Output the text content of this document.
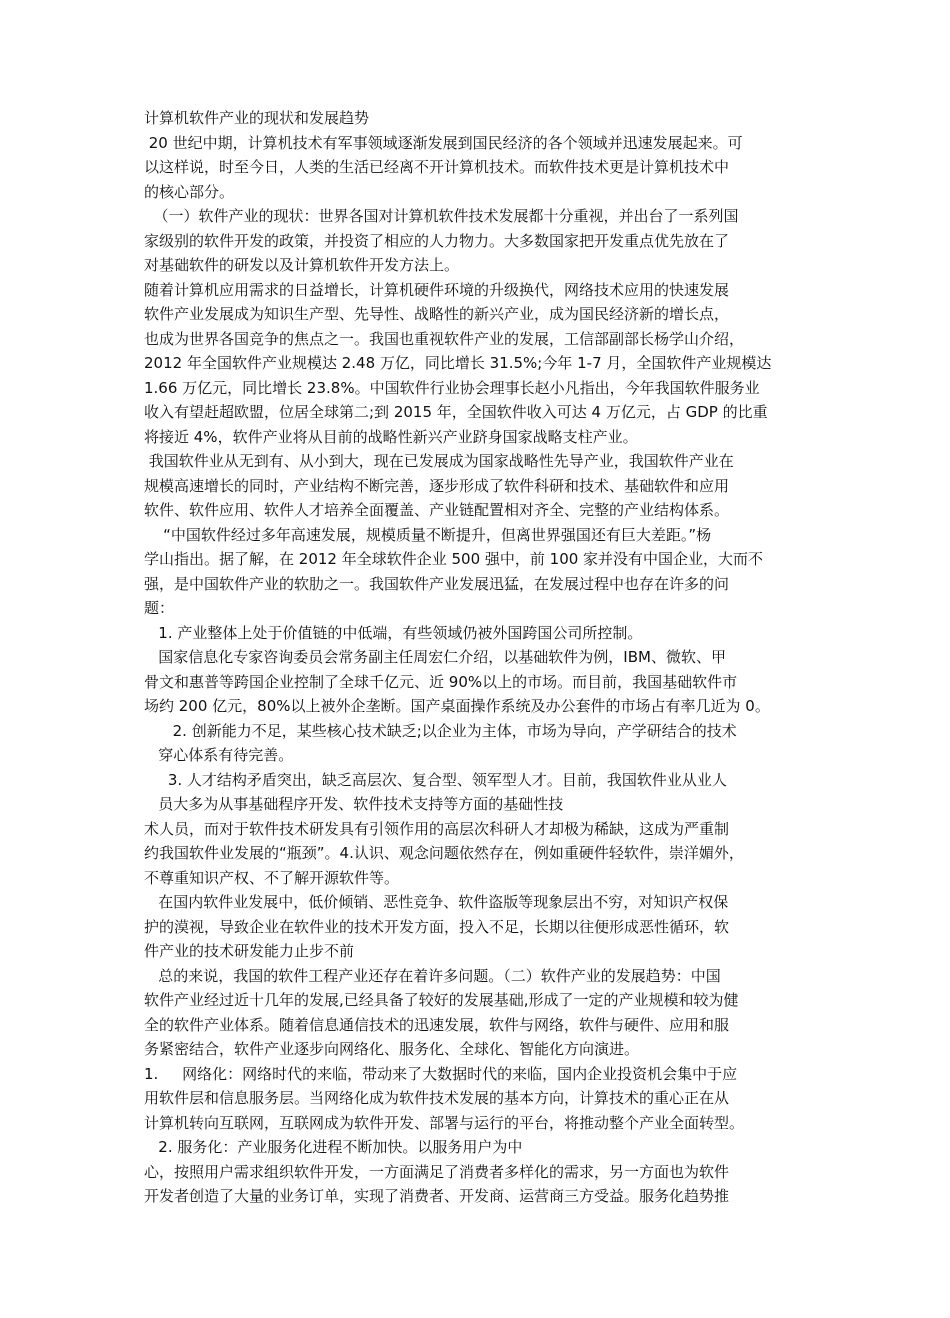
计算机软件产业的现状和发展趋势
20 世纪中期，计算机技术有军事领域逐渐发展到国民经济的各个领域并迅速发展起来。可
以这样说，时至今日，人类的生活已经离不开计算机技术。而软件技术更是计算机技术中
的核心部分。
（一）软件产业的现状：世界各国对计算机软件技术发展都十分重视，并出台了一系列国
家级别的软件开发的政策，并投资了相应的人力物力。大多数国家把开发重点优先放在了
对基础软件的研发以及计算机软件开发方法上。
随着计算机应用需求的日益增长，计算机硬件环境的升级换代，网络技术应用的快速发展
软件产业发展成为知识生产型、先导性、战略性的新兴产业，成为国民经济新的增长点，
也成为世界各国竞争的焦点之一。我国也重视软件产业的发展，工信部副部长杨学山介绍，
2012 年全国软件产业规模达 2.48 万亿，同比增长 31.5%;今年 1-7 月，全国软件产业规模达
1.66 万亿元，同比增长 23.8%。中国软件行业协会理事长赵小凡指出，今年我国软件服务业
收入有望赶超欧盟，位居全球第二;到 2015 年，全国软件收入可达 4 万亿元，占 GDP 的比重
将接近 4%，软件产业将从目前的战略性新兴产业跻身国家战略支柱产业。
我国软件业从无到有、从小到大，现在已发展成为国家战略性先导产业，我国软件产业在
规模高速增长的同时，产业结构不断完善，逐步形成了软件科研和技术、基础软件和应用
软件、软件应用、软件人才培养全面覆盖、产业链配置相对齐全、完整的产业结构体系。
“中国软件经过多年高速发展，规模质量不断提升，但离世界强国还有巨大差距。”杨
学山指出。据了解，在 2012 年全球软件企业 500 强中，前 100 家并没有中国企业，大而不
强，是中国软件产业的软肋之一。我国软件产业发展迅猛，在发展过程中也存在许多的问
题：
1. 产业整体上处于价值链的中低端，有些领域仍被外国跨国公司所控制。
国家信息化专家咨询委员会常务副主任周宏仁介绍，以基础软件为例，IBM、微软、甲
骨文和惠普等跨国企业控制了全球千亿元、近 90%以上的市场。而目前，我国基础软件市
场约 200 亿元，80%以上被外企垄断。国产桌面操作系统及办公套件的市场占有率几近为 0。
2. 创新能力不足，某些核心技术缺乏;以企业为主体，市场为导向，产学研结合的技术
穿心体系有待完善。
3. 人才结构矛盾突出，缺乏高层次、复合型、领军型人才。目前，我国软件业从业人
员大多为从事基础程序开发、软件技术支持等方面的基础性技
术人员，而对于软件技术研发具有引领作用的高层次科研人才却极为稀缺，这成为严重制
约我国软件业发展的“瓶颈”。4.认识、观念问题依然存在，例如重硬件轻软件，崇洋媚外，
不尊重知识产权、不了解开源软件等。
在国内软件业发展中，低价倾销、恶性竞争、软件盗版等现象层出不穷，对知识产权保
护的漠视，导致企业在软件业的技术开发方面，投入不足，长期以往便形成恶性循环，软
件产业的技术研发能力止步不前
总的来说，我国的软件工程产业还存在着许多问题。（二）软件产业的发展趋势：中国
软件产业经过近十几年的发展,已经具备了较好的发展基础,形成了一定的产业规模和较为健
全的软件产业体系。随着信息通信技术的迅速发展，软件与网络，软件与硬件、应用和服
务紧密结合，软件产业逐步向网络化、服务化、全球化、智能化方向演进。
1.     网络化：网络时代的来临，带动来了大数据时代的来临，国内企业投资机会集中于应
用软件层和信息服务层。当网络化成为软件技术发展的基本方向，计算技术的重心正在从
计算机转向互联网，互联网成为软件开发、部署与运行的平台，将推动整个产业全面转型。
2. 服务化：产业服务化进程不断加快。以服务用户为中
心，按照用户需求组织软件开发，一方面满足了消费者多样化的需求，另一方面也为软件
开发者创造了大量的业务订单，实现了消费者、开发商、运营商三方受益。服务化趋势推
